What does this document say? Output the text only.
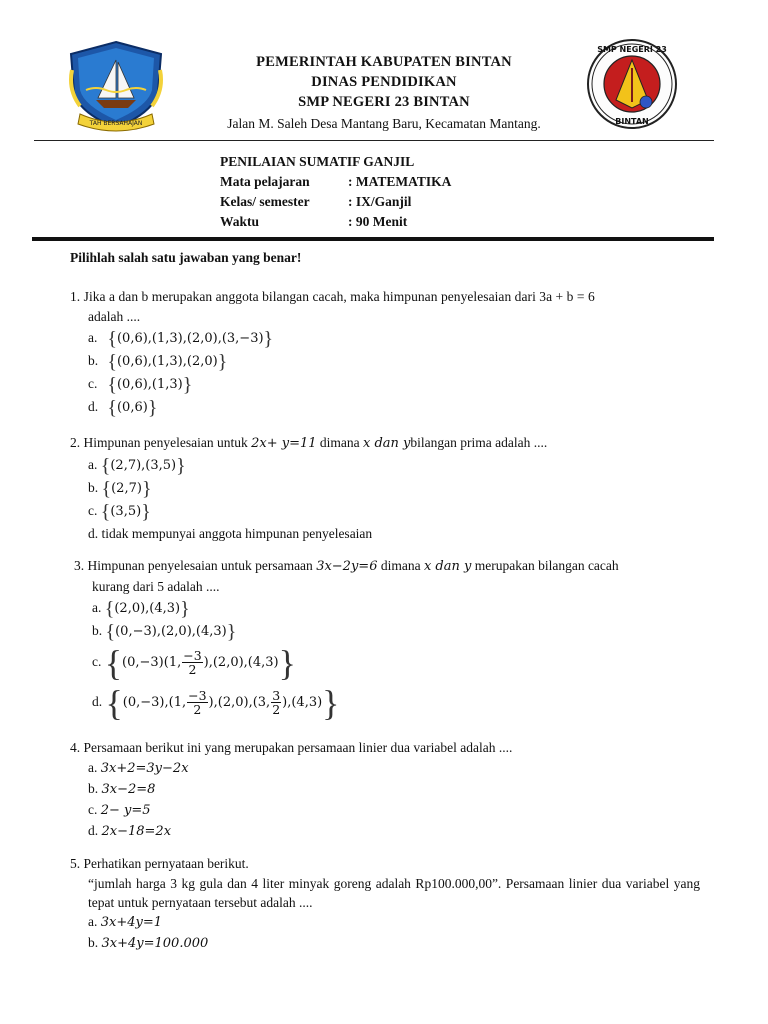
TAH BERSAHAJAN
PEMERINTAH KABUPATEN BINTAN
DINAS PENDIDIKAN
SMP NEGERI 23 BINTAN
Jalan M. Saleh Desa Mantang Baru, Kecamatan Mantang.
SMP NEGERI 23
BINTAN
PENILAIAN SUMATIF GANJIL
Mata pelajaran	: MATEMATIKA
Kelas/ semester	: IX/Ganjil
Waktu	: 90 Menit
Pilihlah salah satu jawaban yang benar!
1. Jika a dan b merupakan anggota bilangan cacah, maka himpunan penyelesaian dari 3a + b = 6
adalah ....
a. {(0,6),(1,3),(2,0),(3,−3)}
b. {(0,6),(1,3),(2,0)}
c. {(0,6),(1,3)}
d. {(0,6)}
2. Himpunan penyelesaian untuk 2x+ y=11 dimana x dan ybilangan prima adalah ....
a. {(2,7),(3,5)}
b. {(2,7)}
c. {(3,5)}
d. tidak mempunyai anggota himpunan penyelesaian
3. Himpunan penyelesaian untuk persamaan 3x−2y=6 dimana x dan y merupakan bilangan cacah
kurang dari 5 adalah ....
a. {(2,0),(4,3)}
b. {(0,−3),(2,0),(4,3)}
c. {(0,−3)(1, $\frac{-3}{2} ),(2,0),(4,3)$}
d. {(0,−3),(1, $\frac{-3}{2} ),(2,0),(3$, $\frac{3}{2} ),(4,3)$}
4. Persamaan berikut ini yang merupakan persamaan linier dua variabel adalah ....
a. 3x+2=3y−2x
b. 3x−2=8
c. 2− y=5
d. 2x−18=2x
5. Perhatikan pernyataan berikut.
“jumlah harga 3 kg gula dan 4 liter minyak goreng adalah Rp100.000,00”. Persamaan linier dua variabel yang tepat untuk pernyataan tersebut adalah ....
a. 3x+4y=1
b. 3x+4y=100.000
